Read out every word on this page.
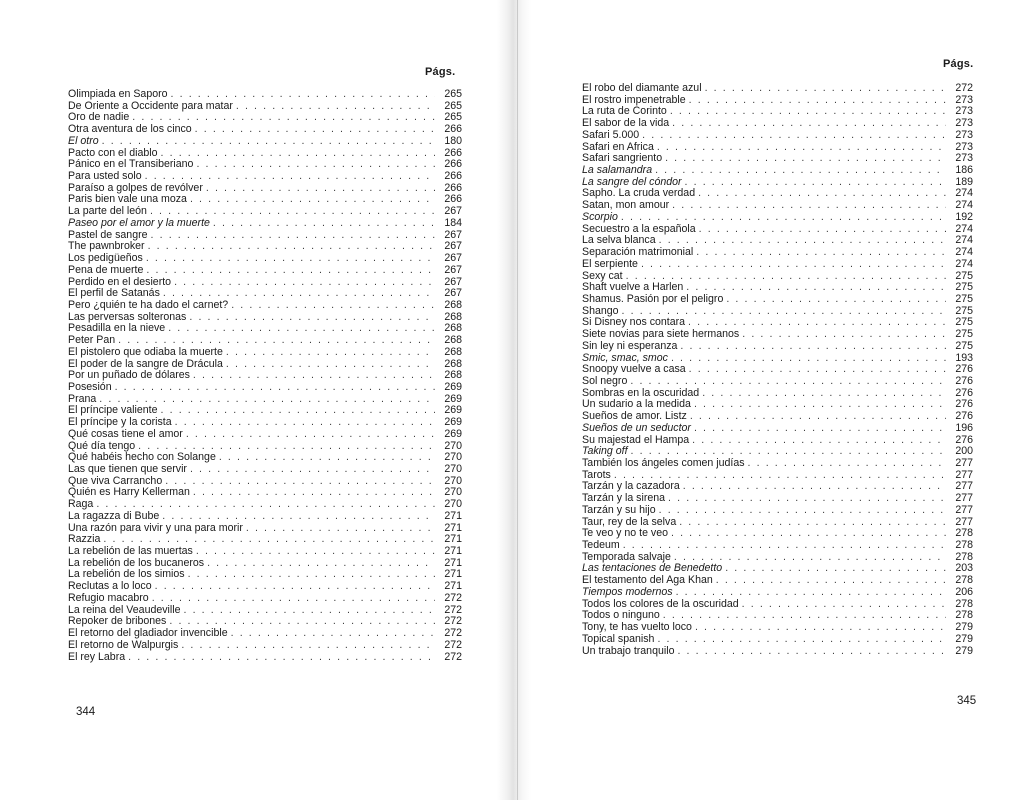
Págs.
Olimpiada en Saporo . . .	265
De Oriente a Occidente para matar . . .	265
Oro de nadie . . .	265
Otra aventura de los cinco . . .	266
El otro . . .	180
Pacto con el diablo . . .	266
Pánico en el Transiberiano . . .	266
Para usted solo . . .	266
Paraíso a golpes de revólver . . .	266
Paris bien vale una moza . . .	266
La parte del león . . .	267
Paseo por el amor y la muerte . . .	184
Pastel de sangre . . .	267
The pawnbroker . . .	267
Los pedigüeños . . .	267
Pena de muerte . . .	267
Perdido en el desierto . . .	267
El perfil de Satanás . . .	267
Pero ¿quién te ha dado el carnet? . . .	268
Las perversas solteronas . . .	268
Pesadilla en la nieve . . .	268
Peter Pan . . .	268
El pistolero que odiaba la muerte . . .	268
El poder de la sangre de Drácula . . .	268
Por un puñado de dólares . . .	268
Posesión . . .	269
Prana . . .	269
El príncipe valiente . . .	269
El príncipe y la corista . . .	269
Qué cosas tiene el amor . . .	269
Qué día tengo . . .	270
Qué habéis hecho con Solange . . .	270
Las que tienen que servir . . .	270
Que viva Carrancho . . .	270
Quién es Harry Kellerman . . .	270
Raga . . .	270
La ragazza di Bube . . .	271
Una razón para vivir y una para morir . . .	271
Razzia . . .	271
La rebelión de las muertas . . .	271
La rebelión de los bucaneros . . .	271
La rebelión de los simios . . .	271
Reclutas a lo loco . . .	271
Refugio macabro . . .	272
La reina del Veaudeville . . .	272
Repoker de bribones . . .	272
El retorno del gladiador invencible . . .	272
El retorno de Walpurgis . . .	272
El rey Labra . . .	272
344
Págs.
El robo del diamante azul . . .	272
El rostro impenetrable . . .	273
La ruta de Corinto . . .	273
El sabor de la vida . . .	273
Safari 5.000 . . .	273
Safari en Africa . . .	273
Safari sangriento . . .	273
La salamandra . . .	186
La sangre del cóndor . . .	189
Sapho. La cruda verdad . . .	274
Satan, mon amour . . .	274
Scorpio . . .	192
Secuestro a la española . . .	274
La selva blanca . . .	274
Separación matrimonial . . .	274
El serpiente . . .	274
Sexy cat . . .	275
Shaft vuelve a Harlen . . .	275
Shamus. Pasión por el peligro . . .	275
Shango . . .	275
Si Disney nos contara . . .	275
Siete novias para siete hermanos . . .	275
Sin ley ni esperanza . . .	275
Smic, smac, smoc . . .	193
Snoopy vuelve a casa . . .	276
Sol negro . . .	276
Sombras en la oscuridad . . .	276
Un sudario a la medida . . .	276
Sueños de amor. Listz . . .	276
Sueños de un seductor . . .	196
Su majestad el Hampa . . .	276
Taking off . . .	200
También los ángeles comen judías . . .	277
Tarots . . .	277
Tarzán y la cazadora . . .	277
Tarzán y la sirena . . .	277
Tarzán y su hijo . . .	277
Taur, rey de la selva . . .	277
Te veo y no te veo . . .	278
Tedeum . . .	278
Temporada salvaje . . .	278
Las tentaciones de Benedetto . . .	203
El testamento del Aga Khan . . .	278
Tiempos modernos . . .	206
Todos los colores de la oscuridad . . .	278
Todos o ninguno . . .	278
Tony, te has vuelto loco . . .	279
Topical spanish . . .	279
Un trabajo tranquilo . . .	279
345
